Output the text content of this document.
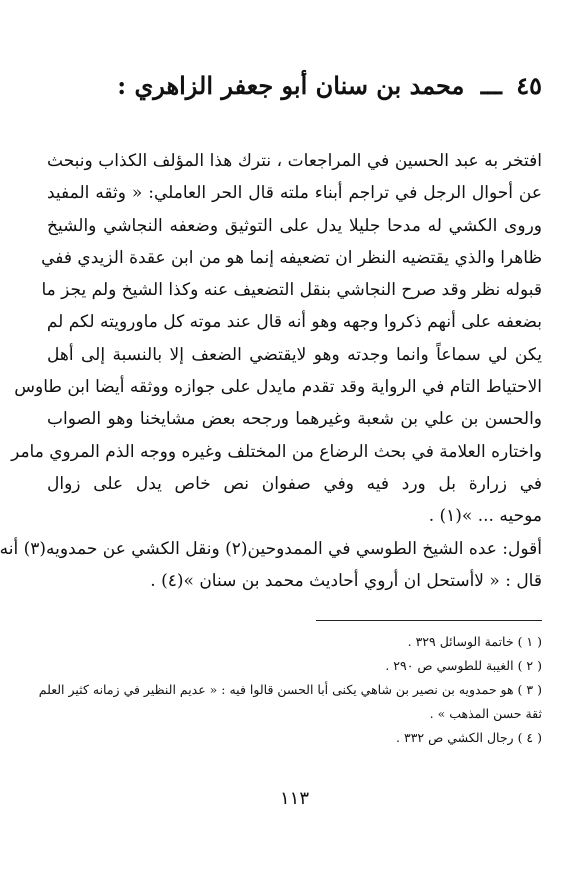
٤٥ ـــ محمد بن سنان أبو جعفر الزاهري :
افتخر به عبد الحسين في المراجعات ، نترك هذا المؤلف الكذاب ونبحث
عن أحوال الرجل في تراجم أبناء ملته قال الحر العاملي: « وثقه المفيد
وروى الكشي له مدحا جليلا يدل على التوثيق وضعفه النجاشي والشيخ
ظاهرا والذي يقتضيه النظر ان تضعيفه إنما هو من ابن عقدة الزيدي ففي
قبوله نظر وقد صرح النجاشي بنقل التضعيف عنه وكذا الشيخ ولم يجز ما
بضعفه على أنهم ذكروا وجهه وهو أنه قال عند موته كل ماورويته لكم لم
يكن لي سماعاً وانما وجدته وهو لايقتضي الضعف إلا بالنسبة إلى أهل
الاحتياط التام في الرواية وقد تقدم مايدل على جوازه ووثقه أيضا ابن طاوس
والحسن بن علي بن شعبة وغيرهما ورجحه بعض مشايخنا وهو الصواب
واختاره العلامة في بحث الرضاع من المختلف وغيره ووجه الذم المروي مامر
في زرارة بل ورد فيه وفي صفوان نص خاص يدل على زوال
موحيه ... »(١) .
أقول: عده الشيخ الطوسي في الممدوحين(٢) ونقل الكشي عن حمدويه(٣) أنه
قال : « لاأستحل ان أروي أحاديث محمد بن سنان »(٤) .
( ١ ) خاتمة الوسائل ٣٢٩ .
( ٢ ) الغيبة للطوسي ص ٢٩٠ .
( ٣ ) هو حمدويه بن نصير بن شاهي يكنى أبا الحسن قالوا فيه : « عديم النظير في زمانه كثير العلم
ثقة حسن المذهب » .
( ٤ ) رجال الكشي ص ٣٣٢ .
١١٣
